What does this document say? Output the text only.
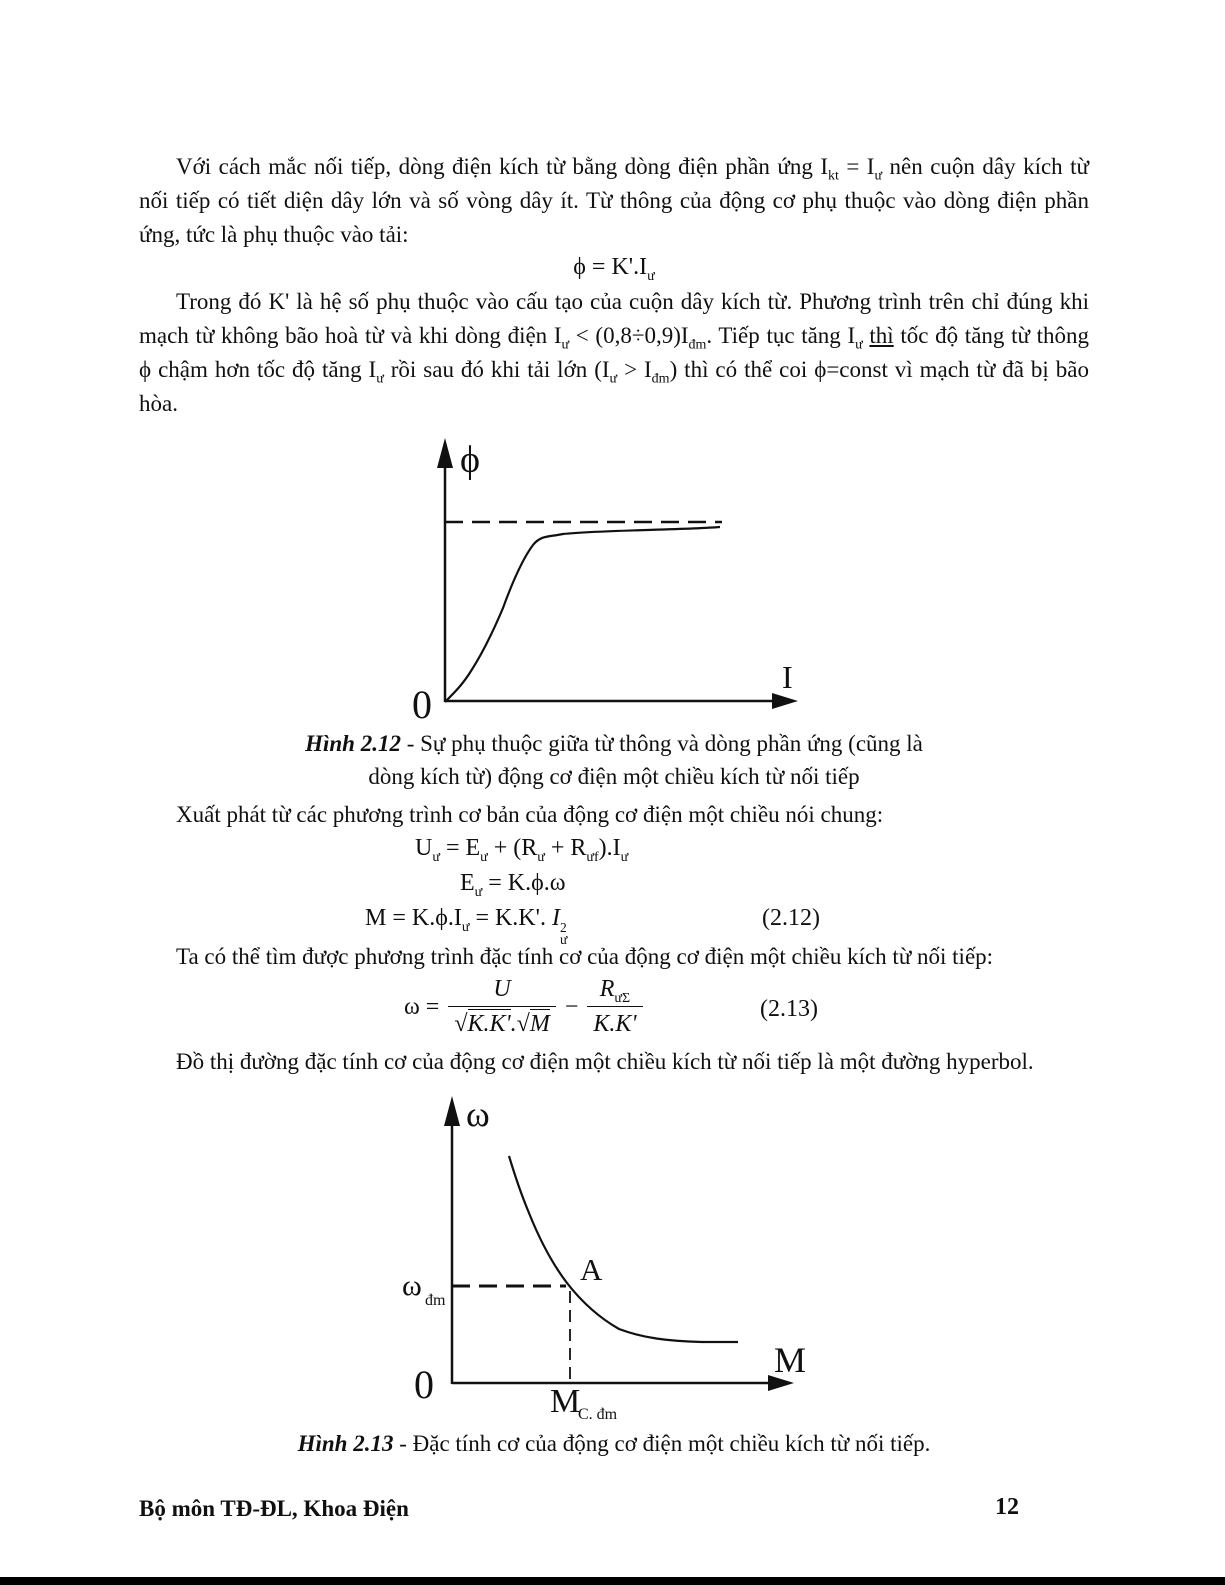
Với cách mắc nối tiếp, dòng điện kích từ bằng dòng điện phần ứng $I_{kt} = I_ư$ nên cuộn dây kích từ
nối tiếp có tiết diện dây lớn và số vòng dây ít. Từ thông của động cơ phụ thuộc vào dòng điện phần
ứng, tức là phụ thuộc vào tải:
$\phi = K'.I_ư$
Trong đó K' là hệ số phụ thuộc vào cấu tạo của cuộn dây kích từ. Phương trình trên chỉ đúng khi
mạch từ không bão hoà từ và khi dòng điện $I_ư < (0,8\div 0,9)I_{đm}$. Tiếp tục tăng $I_ư$ thì tốc độ tăng từ thông
ϕ chậm hơn tốc độ tăng $I_ư$ rồi sau đó khi tải lớn $(I_ư > I_{đm})$ thì có thể coi ϕ=const vì mạch từ đã bị bão
hòa.
ϕ
I
0
Hình 2.12 - Sự phụ thuộc giữa từ thông và dòng phần ứng (cũng là
dòng kích từ) động cơ điện một chiều kích từ nối tiếp
Xuất phát từ các phương trình cơ bản của động cơ điện một chiều nói chung:
$U_ư = E_ư + (R_ư + R_{ưf}).I_ư$
$E_ư = K.\phi.\omega$
$M = K.\phi.I_ư = K.K'$. I 2
ư
(2.12)
Ta có thể tìm được phương trình đặc tính cơ của động cơ điện một chiều kích từ nối tiếp:
$\omega = \frac{U}{√K.K'.√M} - \frac{R_{ư\Sigma}}{K.K'}$	(2.13)
Đồ thị đường đặc tính cơ của động cơ điện một chiều kích từ nối tiếp là một đường hyperbol.
ω
M
0
A
ω đm
M
C. đm
Hình 2.13 - Đặc tính cơ của động cơ điện một chiều kích từ nối tiếp.
Bộ môn TĐ-ĐL, Khoa Điện	12
